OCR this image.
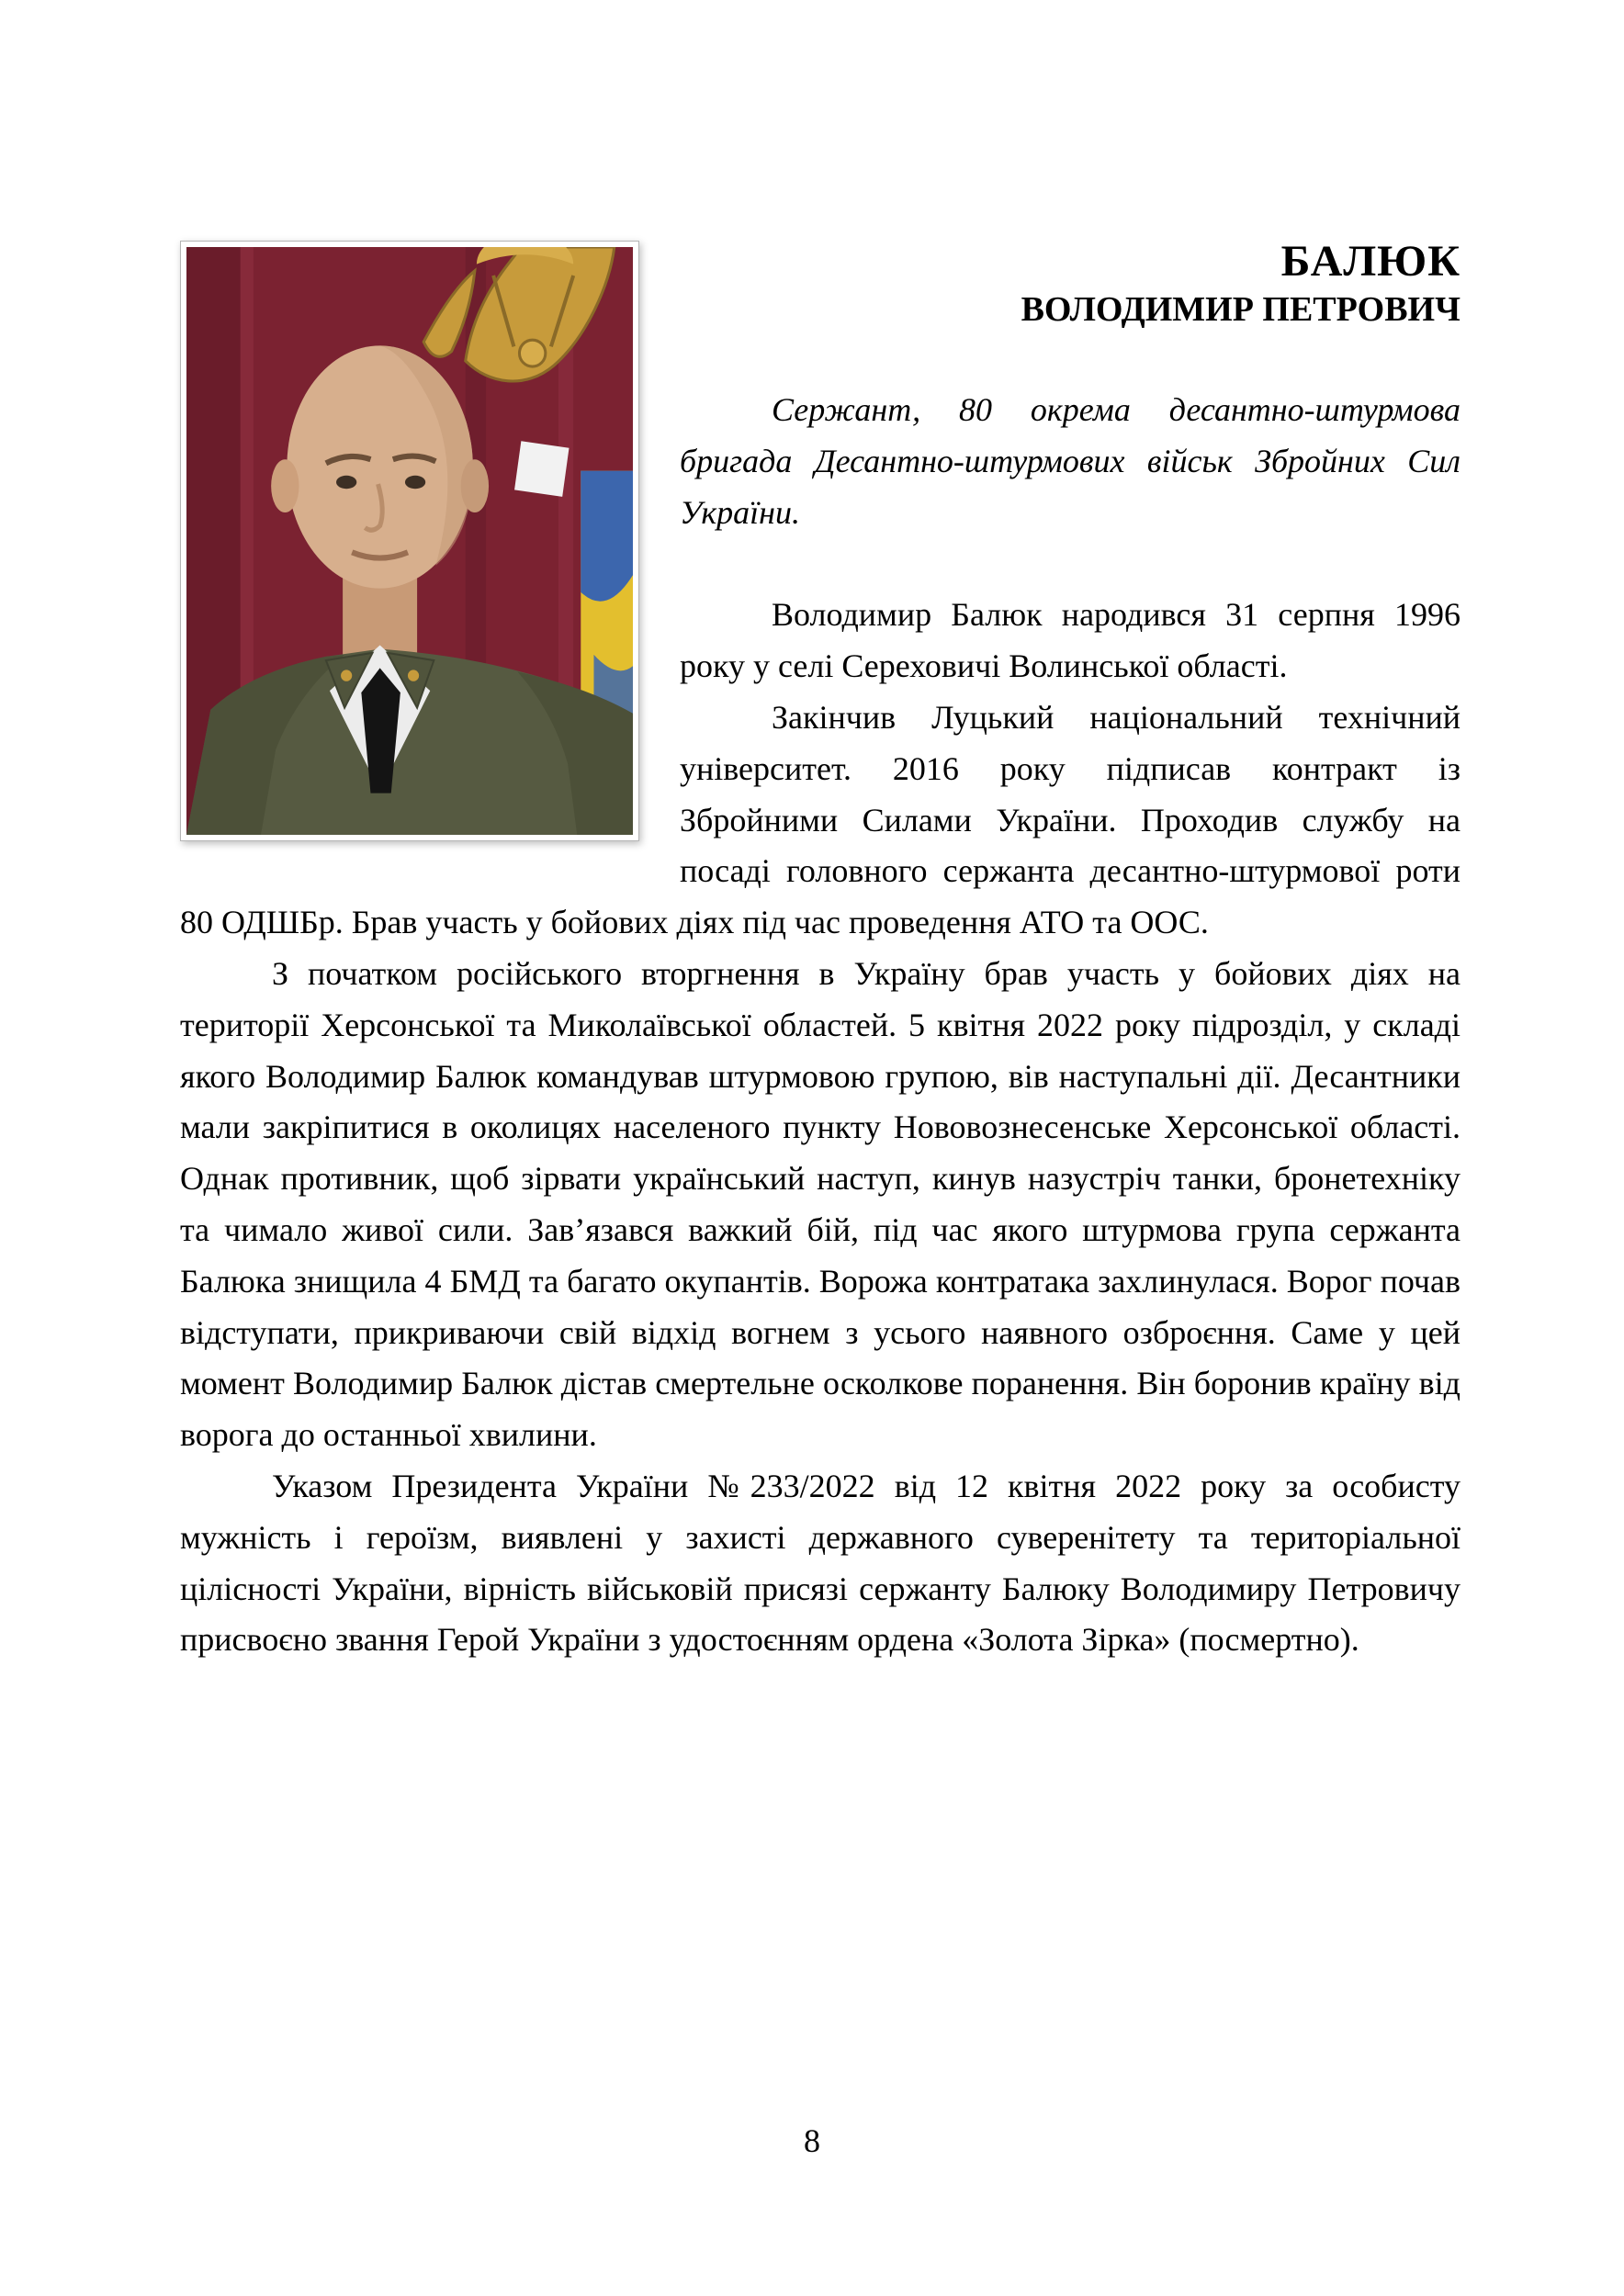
БАЛЮК
ВОЛОДИМИР ПЕТРОВИЧ

Сержант, 80 окрема десантно-штурмова бригада Десантно-штурмових військ Збройних Сил України.

Володимир Балюк народився 31 серпня 1996 року у селі Сереховичі Волинської області.

Закінчив Луцький національний технічний університет. 2016 року підписав контракт із Збройними Силами України. Проходив службу на посаді головного сержанта десантно-штурмової роти 80 ОДШБр. Брав участь у бойових діях під час проведення АТО та ООС.

З початком російського вторгнення в Україну брав участь у бойових діях на території Херсонської та Миколаївської областей. 5 квітня 2022 року підрозділ, у складі якого Володимир Балюк командував штурмовою групою, вів наступальні дії. Десантники мали закріпитися в околицях населеного пункту Нововознесенське Херсонської області. Однак противник, щоб зірвати український наступ, кинув назустріч танки, бронетехніку та чимало живої сили. Зав’язався важкий бій, під час якого штурмова група сержанта Балюка знищила 4 БМД та багато окупантів. Ворожа контратака захлинулася. Ворог почав відступати, прикриваючи свій відхід вогнем з усього наявного озброєння. Саме у цей момент Володимир Балюк дістав смертельне осколкове поранення. Він боронив країну від ворога до останньої хвилини.

Указом Президента України №233/2022 від 12 квітня 2022 року за особисту мужність і героїзм, виявлені у захисті державного суверенітету та територіальної цілісності України, вірність військовій присязі сержанту Балюку Володимиру Петровичу присвоєно звання Герой України з удостоєнням ордена «Золота Зірка» (посмертно).

8
